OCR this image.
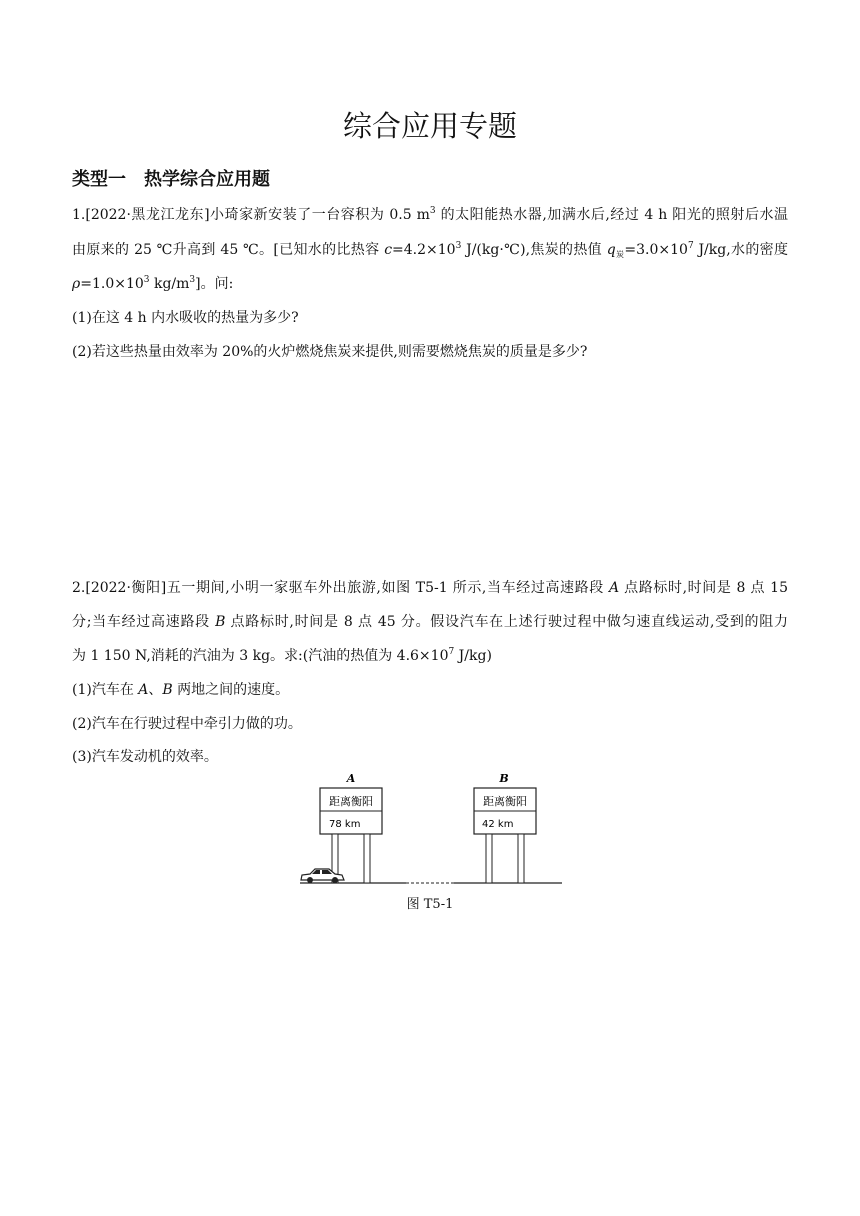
综合应用专题
类型一　热学综合应用题
1.[2022·黑龙江龙东]小琦家新安装了一台容积为 0.5 $m^3$ 的太阳能热水器,加满水后,经过 4 h 阳光的照射后水温
由原来的 25 ℃升高到 45 ℃。[已知水的比热容 $c=4.2\times 10^3$ J/(kg·℃),焦炭的热值 $q_炭=3.0\times 10^7$ J/kg,水的密度
$\rho=1.0\times 10^3$ $kg/m^3$]。问:
(1)在这 4 h 内水吸收的热量为多少?
(2)若这些热量由效率为 20%的火炉燃烧焦炭来提供,则需要燃烧焦炭的质量是多少?
2.[2022·衡阳]五一期间,小明一家驱车外出旅游,如图 T5-1 所示,当车经过高速路段 A 点路标时,时间是 8 点 15
分;当车经过高速路段 B 点路标时,时间是 8 点 45 分。假设汽车在上述行驶过程中做匀速直线运动,受到的阻力
为 1 150 N,消耗的汽油为 3 kg。求:(汽油的热值为 $4.6\times 10^7$ J/kg)
(1)汽车在 A、B 两地之间的速度。
(2)汽车在行驶过程中牵引力做的功。
(3)汽车发动机的效率。
A
距离衡阳
78 km
B
距离衡阳
42 km
图 T5-1
